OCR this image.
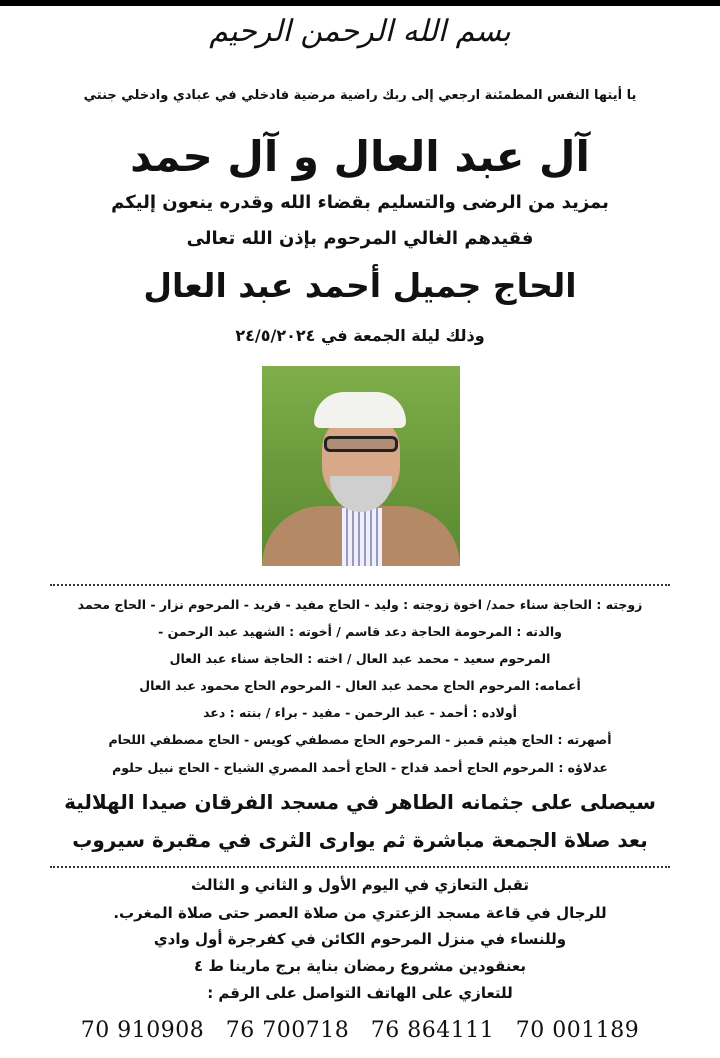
بسم الله الرحمن الرحيم
يا أيتها النفس المطمئنة ارجعي إلى ربك راضية مرضية فادخلي في عبادي وادخلي جنتي
آل عبد العال و آل حمد
بمزيد من الرضى والتسليم بقضاء الله وقدره ينعون إليكم
فقيدهم الغالي المرحوم بإذن الله تعالى
الحاج جميل أحمد عبد العال
وذلك ليلة الجمعة في ٢٤/٥/٢٠٢٤
زوجته : الحاجة سناء حمد/ اخوة زوجته : وليد - الحاج مفيد - فريد - المرحوم نزار - الحاج محمد
والدته : المرحومة الحاجة دعد قاسم / أخوته : الشهيد عبد الرحمن -
المرحوم سعيد - محمد عبد العال / اخته : الحاجة سناء عبد العال
أعمامه: المرحوم الحاج محمد عبد العال - المرحوم الحاج محمود عبد العال
أولاده : أحمد - عبد الرحمن - مفيد - براء / بنته : دعد
أصهرته : الحاج هيثم قمبز - المرحوم الحاج مصطفي كويس - الحاج مصطفي اللحام
عدلاؤه : المرحوم الحاج أحمد قداح - الحاج أحمد المصري الشياح - الحاج نبيل حلوم
سيصلى على جثمانه الطاهر في مسجد الفرقان صيدا الهلالية
بعد صلاة الجمعة مباشرة ثم يوارى الثرى في مقبرة سيروب
تقبل التعازي في اليوم الأول و الثاني و الثالث
للرجال في قاعة مسجد الزعتري من صلاة العصر حتى صلاة المغرب.
وللنساء في منزل المرحوم الكائن في كفرجرة أول وادي
بعنقودين مشروع رمضان بناية برج مارينا ط ٤
للتعازي على الهاتف التواصل على الرقم :
70 910908 76 700718 76 864111 70 001189
